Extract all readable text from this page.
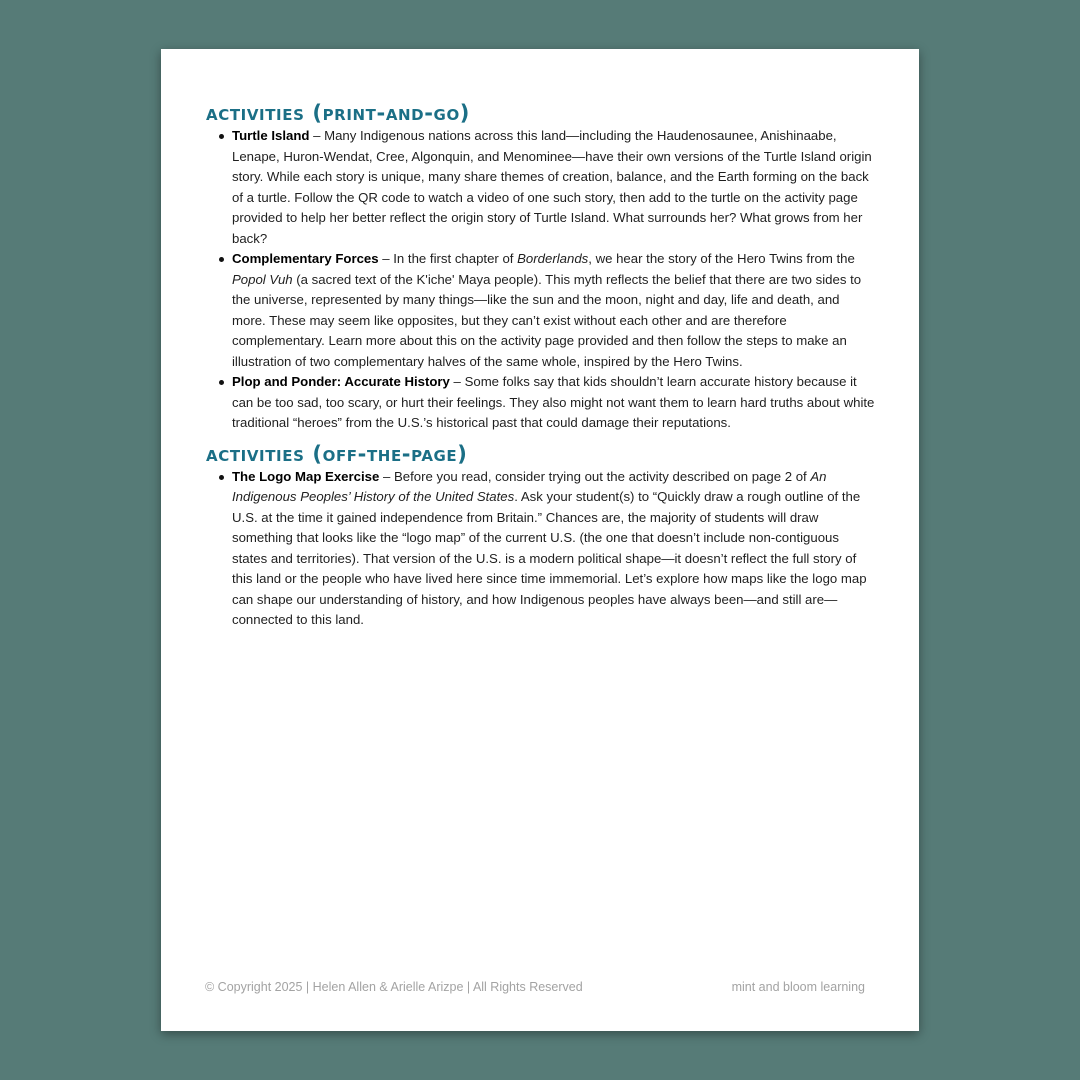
activities (print-and-go)
Turtle Island – Many Indigenous nations across this land—including the Haudenosaunee, Anishinaabe, Lenape, Huron-Wendat, Cree, Algonquin, and Menominee—have their own versions of the Turtle Island origin story. While each story is unique, many share themes of creation, balance, and the Earth forming on the back of a turtle. Follow the QR code to watch a video of one such story, then add to the turtle on the activity page provided to help her better reflect the origin story of Turtle Island. What surrounds her? What grows from her back?
Complementary Forces – In the first chapter of Borderlands, we hear the story of the Hero Twins from the Popol Vuh (a sacred text of the K'iche' Maya people). This myth reflects the belief that there are two sides to the universe, represented by many things—like the sun and the moon, night and day, life and death, and more. These may seem like opposites, but they can’t exist without each other and are therefore complementary. Learn more about this on the activity page provided and then follow the steps to make an illustration of two complementary halves of the same whole, inspired by the Hero Twins.
Plop and Ponder: Accurate History – Some folks say that kids shouldn’t learn accurate history because it can be too sad, too scary, or hurt their feelings. They also might not want them to learn hard truths about white traditional “heroes” from the U.S.’s historical past that could damage their reputations.
activities (off-the-page)
The Logo Map Exercise – Before you read, consider trying out the activity described on page 2 of An Indigenous Peoples’ History of the United States. Ask your student(s) to “Quickly draw a rough outline of the U.S. at the time it gained independence from Britain.” Chances are, the majority of students will draw something that looks like the “logo map” of the current U.S. (the one that doesn’t include non-contiguous states and territories). That version of the U.S. is a modern political shape—it doesn’t reflect the full story of this land or the people who have lived here since time immemorial. Let’s explore how maps like the logo map can shape our understanding of history, and how Indigenous peoples have always been—and still are—connected to this land.
© Copyright 2025 | Helen Allen & Arielle Arizpe | All Rights Reserved	mint and bloom learning
